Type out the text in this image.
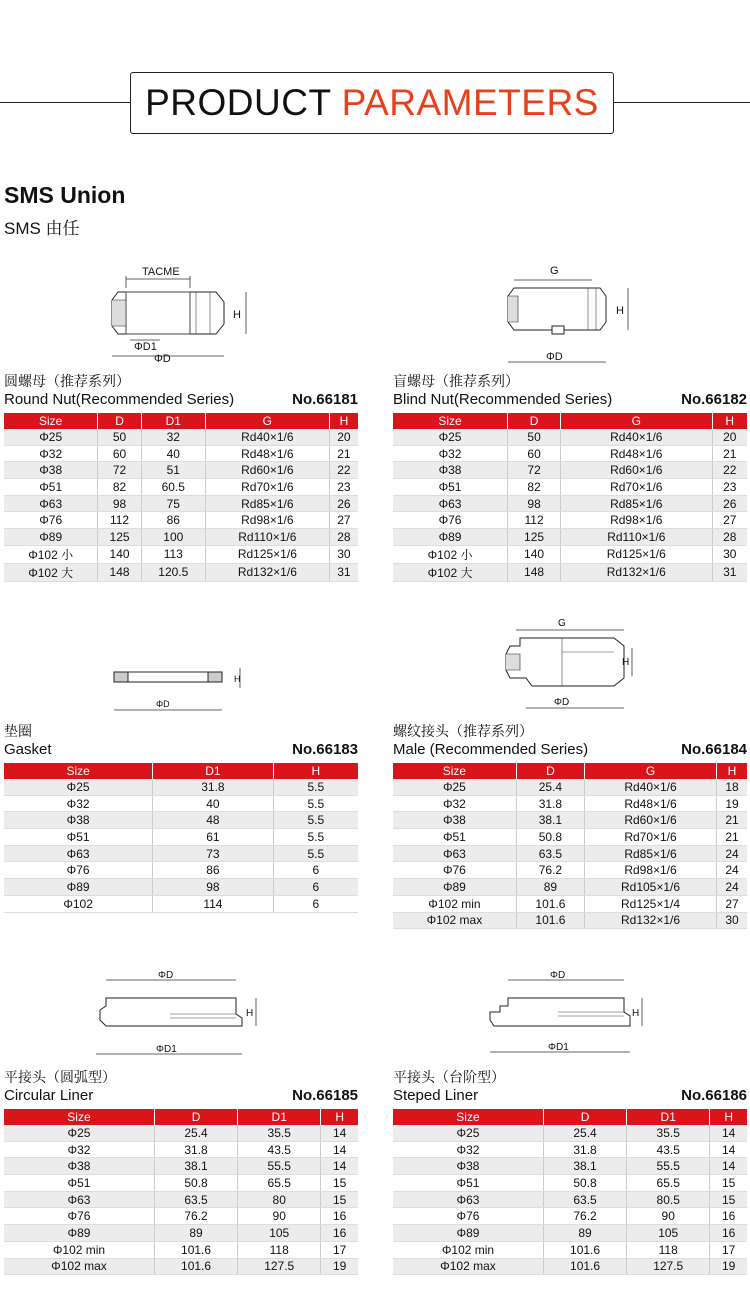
PRODUCT PARAMETERS
SMS Union
SMS 由任
TACME
H
ΦD1
ΦD
G
H
ΦD
H
ΦD
G
H
ΦD
ΦD
H
ΦD1
ΦD
H
ΦD1
圆螺母（推荐系列）
Round Nut(Recommended Series)	No.66181
Size	D	D1	G	H
Φ25	50	32	Rd40×1/6	20
Φ32	60	40	Rd48×1/6	21
Φ38	72	51	Rd60×1/6	22
Φ51	82	60.5	Rd70×1/6	23
Φ63	98	75	Rd85×1/6	26
Φ76	112	86	Rd98×1/6	27
Φ89	125	100	Rd110×1/6	28
Φ102 小	140	113	Rd125×1/6	30
Φ102 大	148	120.5	Rd132×1/6	31
盲螺母（推荐系列）
Blind Nut(Recommended Series)	No.66182
Size	D	G	H
Φ25	50	Rd40×1/6	20
Φ32	60	Rd48×1/6	21
Φ38	72	Rd60×1/6	22
Φ51	82	Rd70×1/6	23
Φ63	98	Rd85×1/6	26
Φ76	112	Rd98×1/6	27
Φ89	125	Rd110×1/6	28
Φ102 小	140	Rd125×1/6	30
Φ102 大	148	Rd132×1/6	31
垫圈
Gasket	No.66183
Size	D1	H
Φ25	31.8	5.5
Φ32	40	5.5
Φ38	48	5.5
Φ51	61	5.5
Φ63	73	5.5
Φ76	86	6
Φ89	98	6
Φ102	114	6
螺纹接头（推荐系列）
Male (Recommended Series)	No.66184
Size	D	G	H
Φ25	25.4	Rd40×1/6	18
Φ32	31.8	Rd48×1/6	19
Φ38	38.1	Rd60×1/6	21
Φ51	50.8	Rd70×1/6	21
Φ63	63.5	Rd85×1/6	24
Φ76	76.2	Rd98×1/6	24
Φ89	89	Rd105×1/6	24
Φ102 min	101.6	Rd125×1/4	27
Φ102 max	101.6	Rd132×1/6	30
平接头（圆弧型）
Circular Liner	No.66185
Size	D	D1	H
Φ25	25.4	35.5	14
Φ32	31.8	43.5	14
Φ38	38.1	55.5	14
Φ51	50.8	65.5	15
Φ63	63.5	80	15
Φ76	76.2	90	16
Φ89	89	105	16
Φ102 min	101.6	118	17
Φ102 max	101.6	127.5	19
平接头（台阶型）
Steped Liner	No.66186
Size	D	D1	H
Φ25	25.4	35.5	14
Φ32	31.8	43.5	14
Φ38	38.1	55.5	14
Φ51	50.8	65.5	15
Φ63	63.5	80.5	15
Φ76	76.2	90	16
Φ89	89	105	16
Φ102 min	101.6	118	17
Φ102 max	101.6	127.5	19
